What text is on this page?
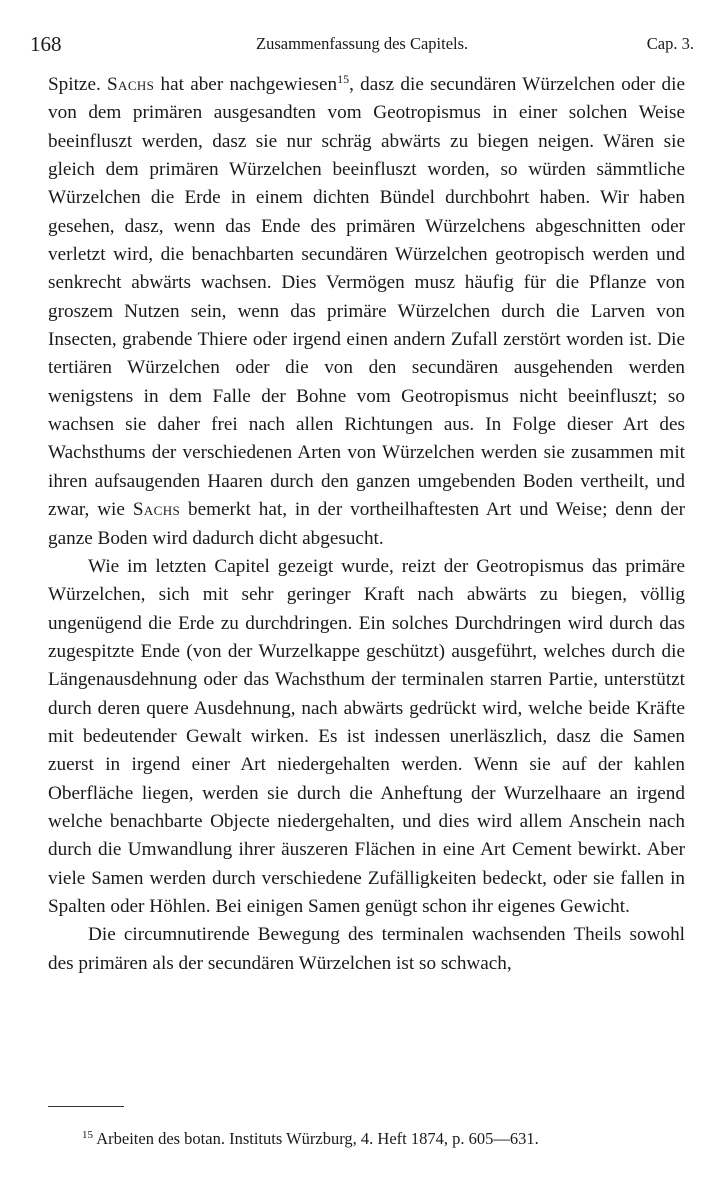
168	Zusammenfassung des Capitels.	Cap. 3.

Spitze. Sachs hat aber nachgewiesen$^{15}$, dasz die secundären Würzelchen oder die von dem primären ausgesandten vom Geotropismus in einer solchen Weise beeinfluszt werden, dasz sie nur schräg abwärts zu biegen neigen. Wären sie gleich dem primären Würzelchen beeinfluszt worden, so würden sämmtliche Würzelchen die Erde in einem dichten Bündel durchbohrt haben. Wir haben gesehen, dasz, wenn das Ende des primären Würzelchens abgeschnitten oder verletzt wird, die benachbarten secundären Würzelchen geotropisch werden und senkrecht abwärts wachsen. Dies Vermögen musz häufig für die Pflanze von groszem Nutzen sein, wenn das primäre Würzelchen durch die Larven von Insecten, grabende Thiere oder irgend einen andern Zufall zerstört worden ist. Die tertiären Würzelchen oder die von den secundären ausgehenden werden wenigstens in dem Falle der Bohne vom Geotropismus nicht beeinfluszt; so wachsen sie daher frei nach allen Richtungen aus. In Folge dieser Art des Wachsthums der verschiedenen Arten von Würzelchen werden sie zusammen mit ihren aufsaugenden Haaren durch den ganzen umgebenden Boden vertheilt, und zwar, wie Sachs bemerkt hat, in der vortheilhaftesten Art und Weise; denn der ganze Boden wird dadurch dicht abgesucht.

Wie im letzten Capitel gezeigt wurde, reizt der Geotropismus das primäre Würzelchen, sich mit sehr geringer Kraft nach abwärts zu biegen, völlig ungenügend die Erde zu durchdringen. Ein solches Durchdringen wird durch das zugespitzte Ende (von der Wurzelkappe geschützt) ausgeführt, welches durch die Längenausdehnung oder das Wachsthum der terminalen starren Partie, unterstützt durch deren quere Ausdehnung, nach abwärts gedrückt wird, welche beide Kräfte mit bedeutender Gewalt wirken. Es ist indessen unerläszlich, dasz die Samen zuerst in irgend einer Art niedergehalten werden. Wenn sie auf der kahlen Oberfläche liegen, werden sie durch die Anheftung der Wurzelhaare an irgend welche benachbarte Objecte niedergehalten, und dies wird allem Anschein nach durch die Umwandlung ihrer äuszeren Flächen in eine Art Cement bewirkt. Aber viele Samen werden durch verschiedene Zufälligkeiten bedeckt, oder sie fallen in Spalten oder Höhlen. Bei einigen Samen genügt schon ihr eigenes Gewicht.

Die circumnutirende Bewegung des terminalen wachsenden Theils sowohl des primären als der secundären Würzelchen ist so schwach,

$^{15}$ Arbeiten des botan. Instituts Würzburg, 4. Heft 1874, p. 605—631.
